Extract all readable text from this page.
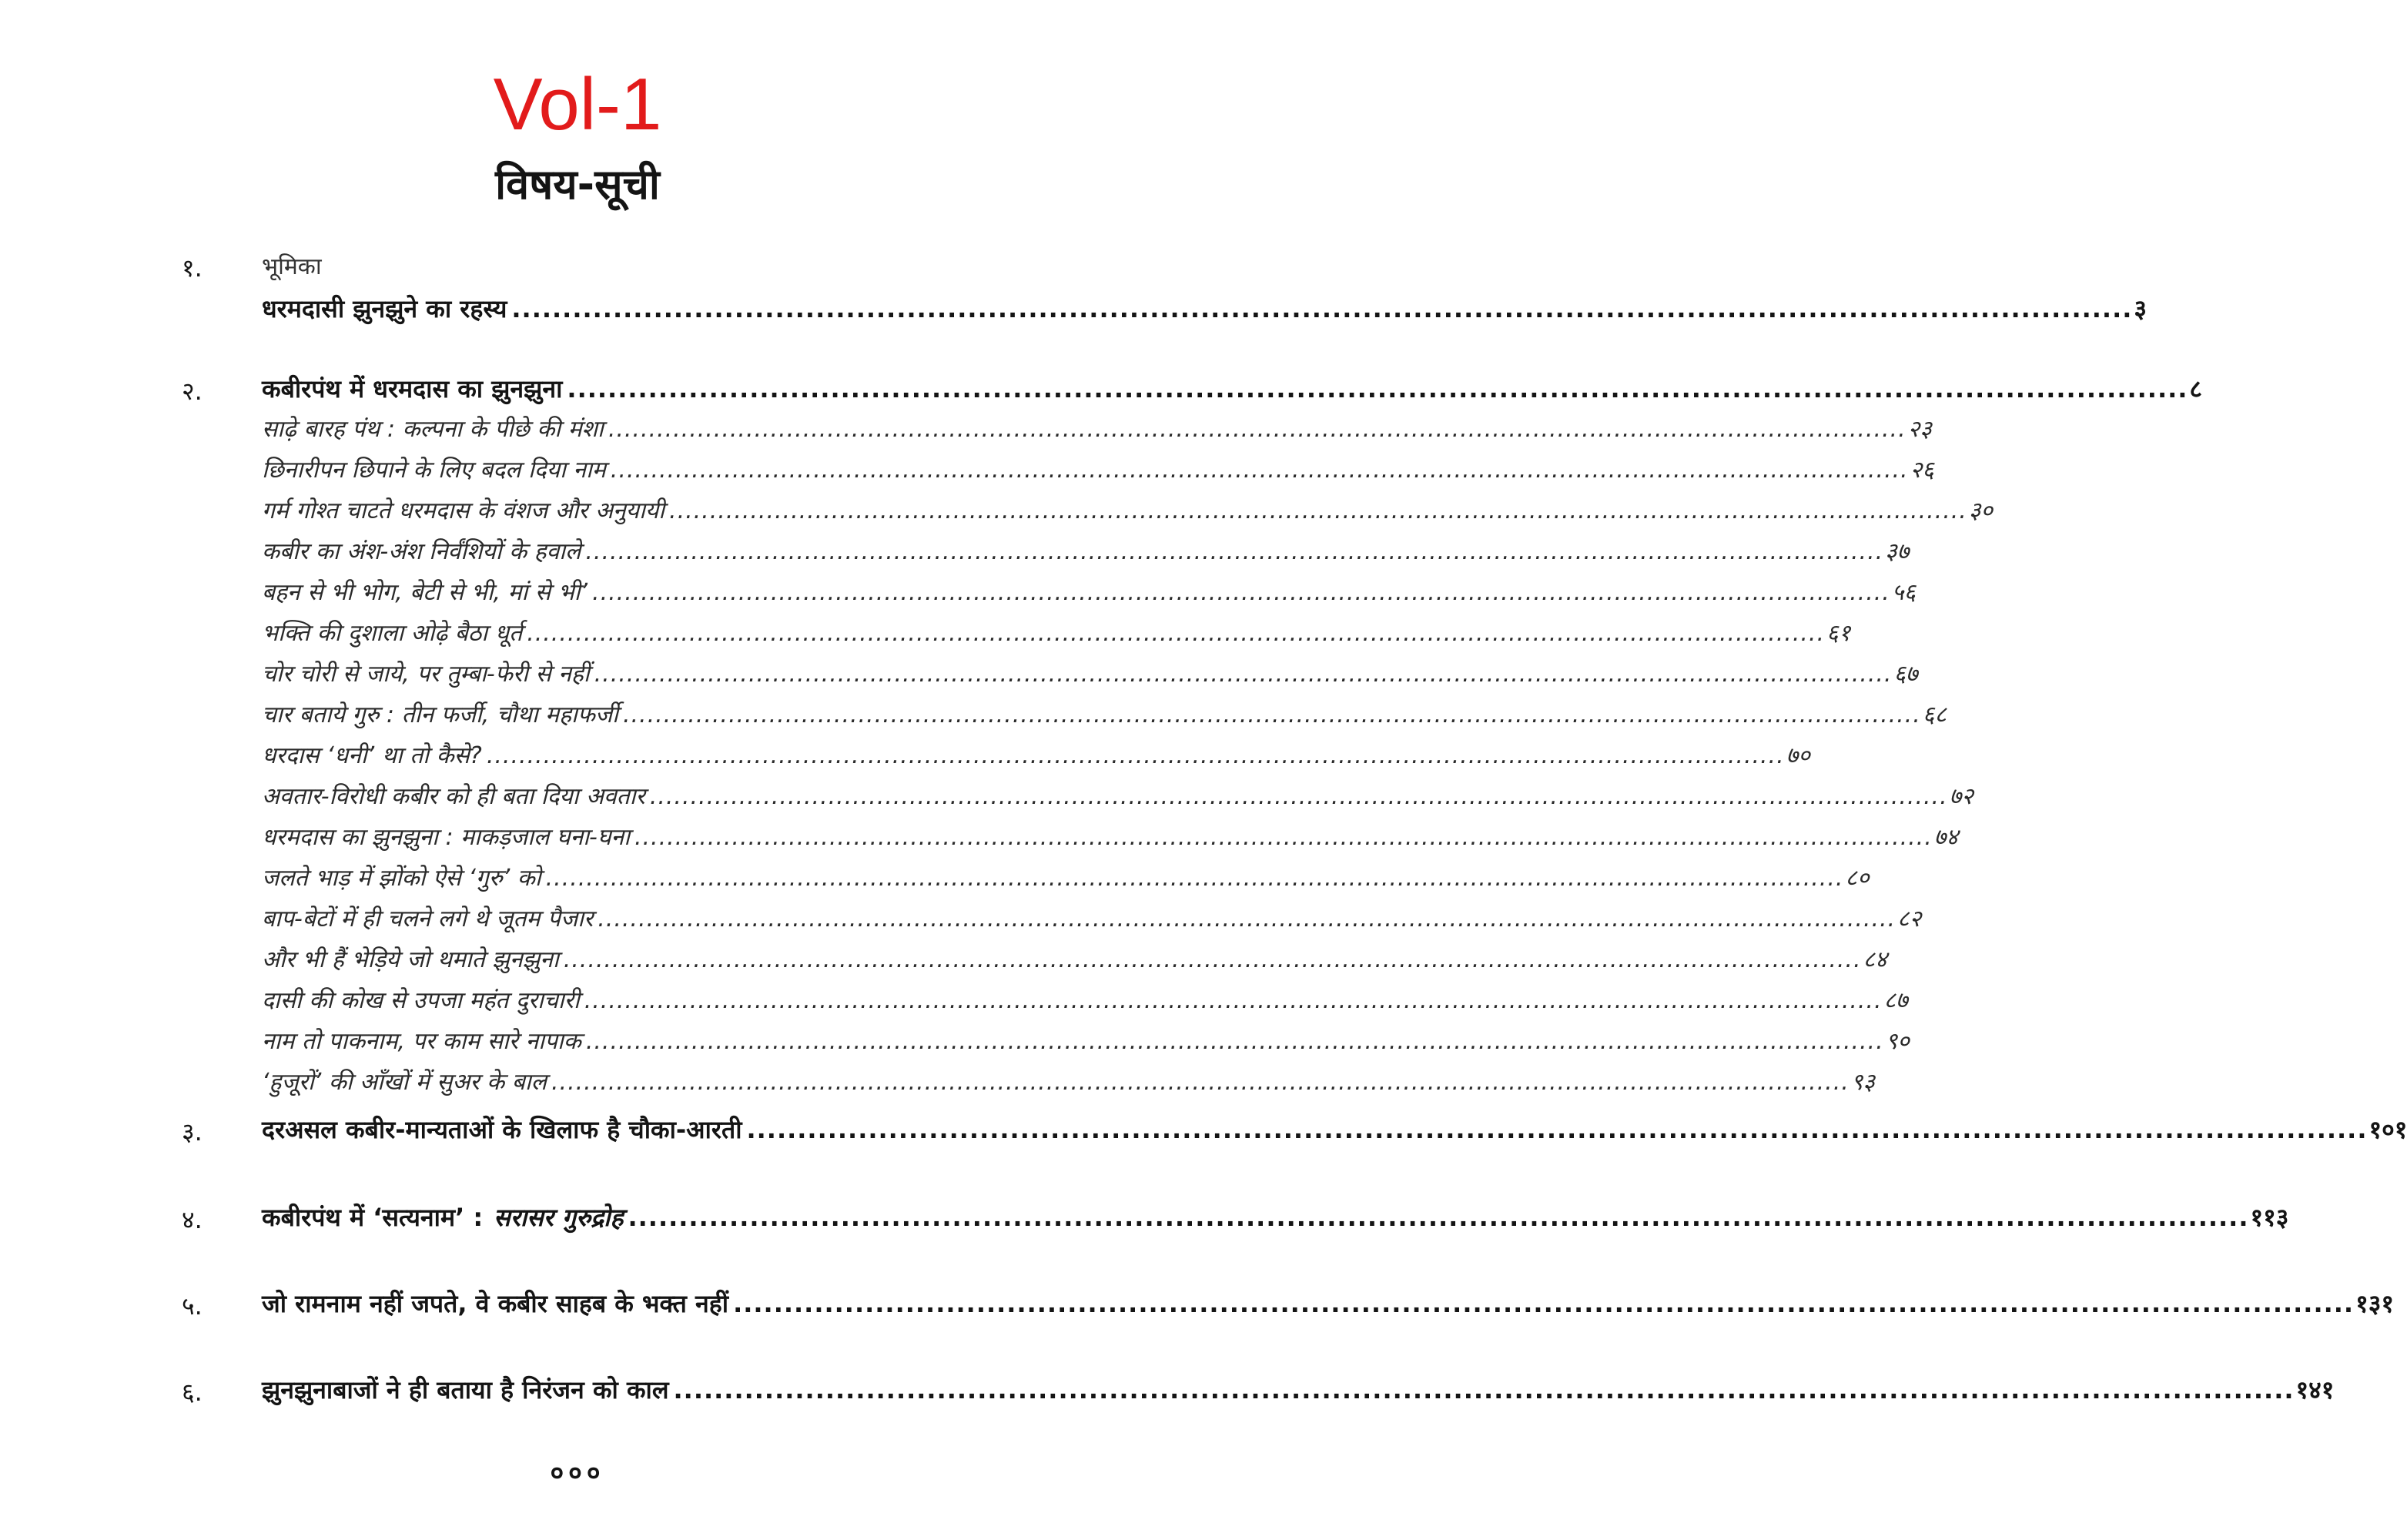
Vol-1
विषय-सूची
१.	भूमिका
धरमदासी झुनझुने का रहस्य ................................................................................................................................................................ ३
२.	कबीरपंथ में धरमदास का झुनझुना ................................................................................................................................................................ ८
साढ़े बारह पंथ : कल्पना के पीछे की मंशा ................................................................................................................................................................ २३
छिनारीपन छिपाने के लिए बदल दिया नाम ................................................................................................................................................................ २६
गर्म गोश्त चाटते धरमदास के वंशज और अनुयायी ................................................................................................................................................................ ३०
कबीर का अंश-अंश निर्वंशियों के हवाले ................................................................................................................................................................ ३७
बहन से भी भोग, बेटी से भी, मां से भी’ ................................................................................................................................................................ ५६
भक्ति की दुशाला ओढ़े बैठा धूर्त ................................................................................................................................................................ ६१
चोर चोरी से जाये, पर तुम्बा-फेरी से नहीं ................................................................................................................................................................ ६७
चार बताये गुरु : तीन फर्जी, चौथा महाफर्जी ................................................................................................................................................................ ६८
धरदास ‘धनी’ था तो कैसे? ................................................................................................................................................................ ७०
अवतार-विरोधी कबीर को ही बता दिया अवतार ................................................................................................................................................................ ७२
धरमदास का झुनझुना : माकड़जाल घना-घना ................................................................................................................................................................ ७४
जलते भाड़ में झोंको ऐसे ‘गुरु’ को ................................................................................................................................................................ ८०
बाप-बेटों में ही चलने लगे थे जूतम पैजार ................................................................................................................................................................ ८२
और भी हैं भेड़िये जो थमाते झुनझुना ................................................................................................................................................................ ८४
दासी की कोख से उपजा महंत दुराचारी ................................................................................................................................................................ ८७
नाम तो पाकनाम, पर काम सारे नापाक ................................................................................................................................................................ ९०
‘हुजूरों’ की आँखों में सुअर के बाल ................................................................................................................................................................ ९३
३.	दरअसल कबीर-मान्यताओं के खिलाफ है चौका-आरती ................................................................................................................................................................ १०१
४.	कबीरपंथ में ‘सत्यनाम’ : सरासर गुरुद्रोह ................................................................................................................................................................ ११३
५.	जो रामनाम नहीं जपते, वे कबीर साहब के भक्त नहीं ................................................................................................................................................................ १३१
६.	झुनझुनाबाजों ने ही बताया है निरंजन को काल ................................................................................................................................................................ १४१
०००
